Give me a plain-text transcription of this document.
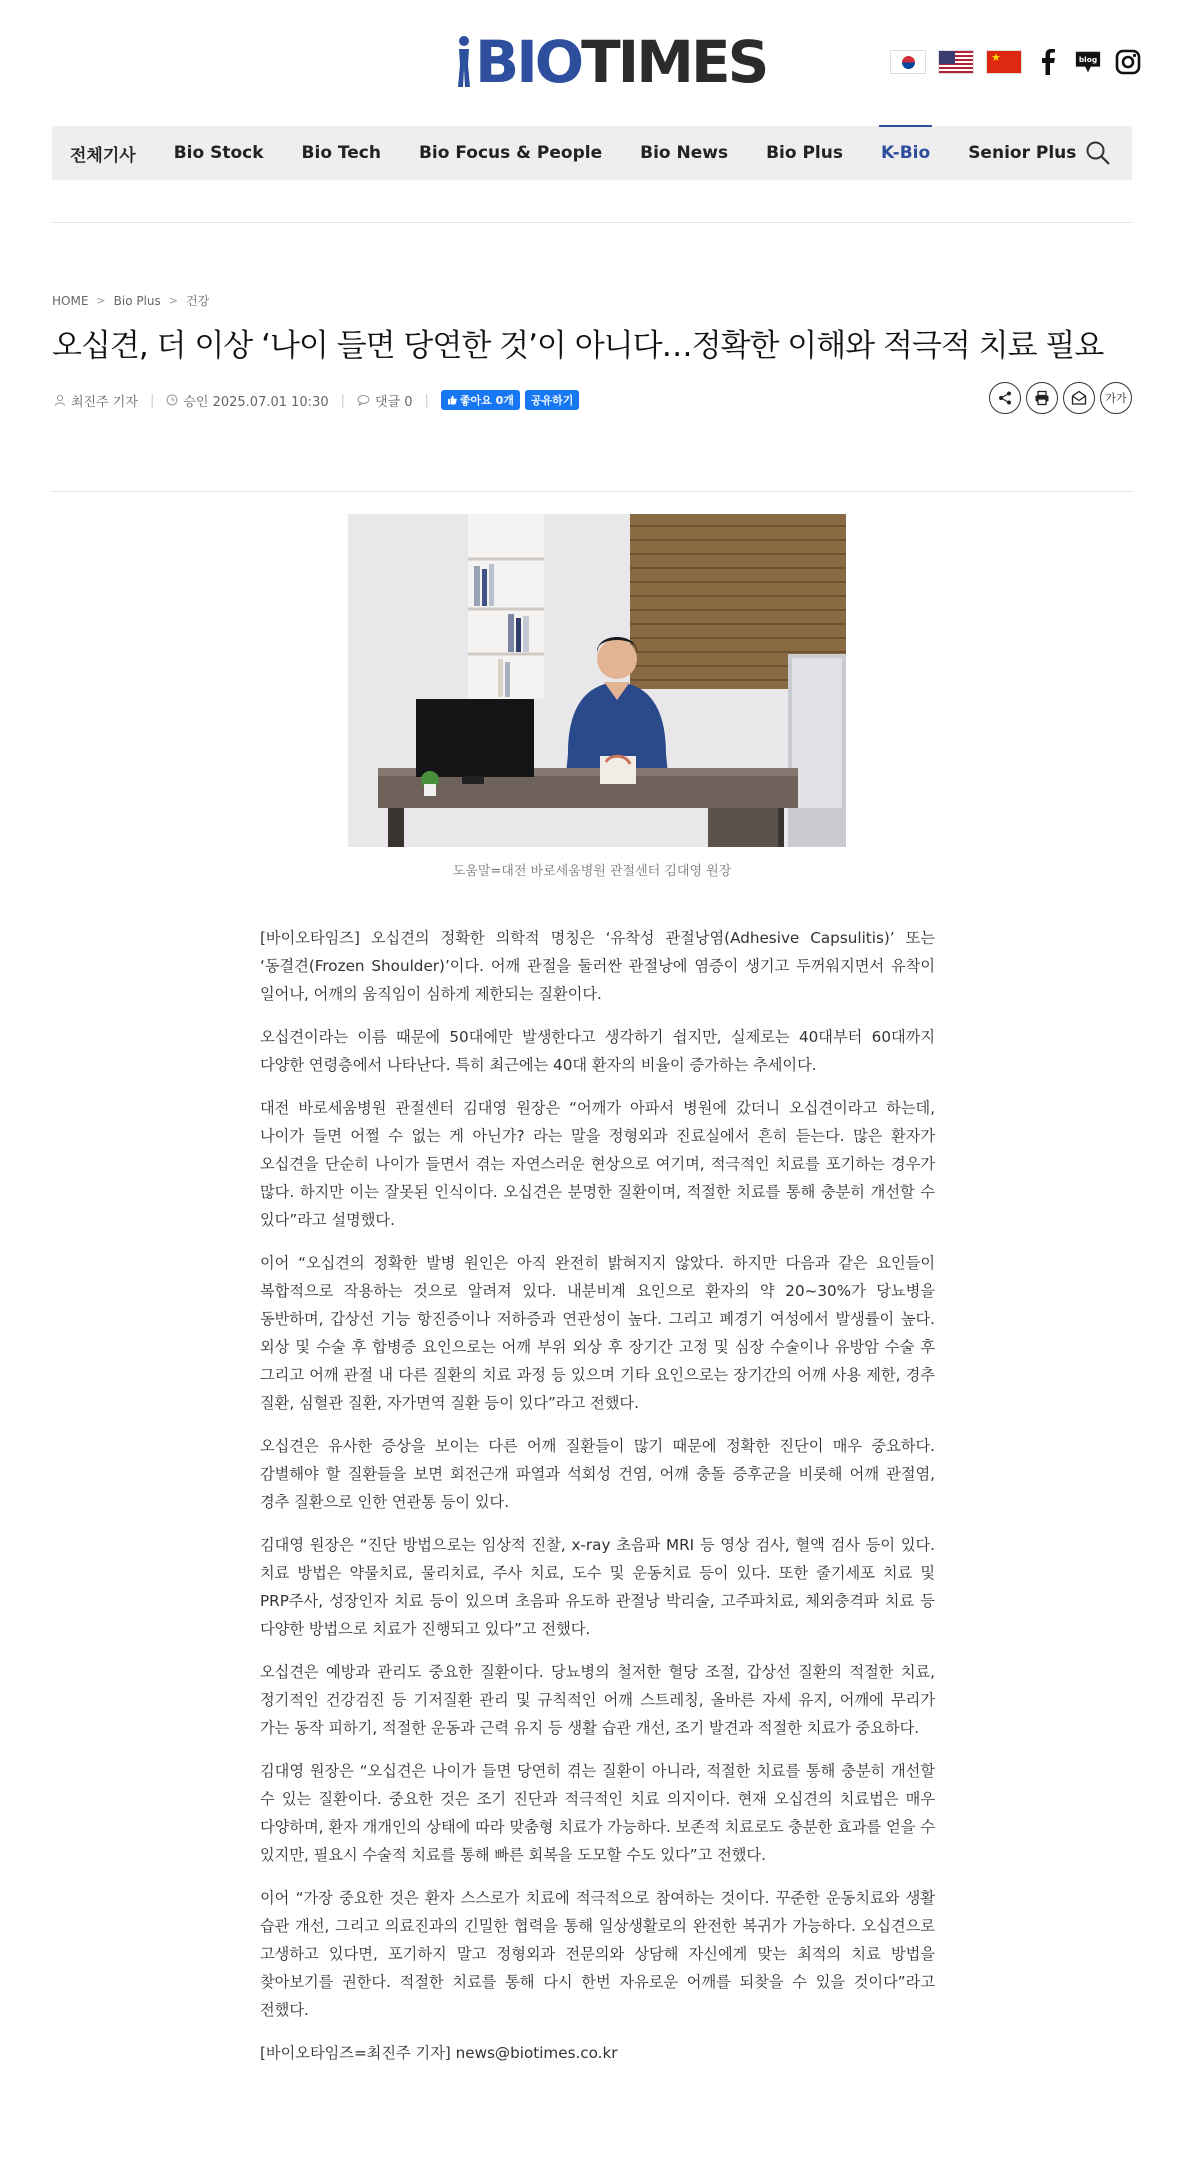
BIO TIMES
★	blog
전체기사 Bio Stock Bio Tech Bio Focus & People Bio News Bio Plus K-Bio Senior Plus
HOME > Bio Plus > 건강
오십견, 더 이상 ‘나이 들면 당연한 것’이 아니다…정확한 이해와 적극적 치료 필요
최진주 기자 | 승인 2025.07.01 10:30 | 댓글 0 |	좋아요 0개	공유하기	가가
도움말=대전 바로세움병원 관절센터 김대영 원장

[바이오타임즈] 오십견의 정확한 의학적 명칭은 ‘유착성 관절낭염(Adhesive Capsulitis)’ 또는 ‘동결견(Frozen Shoulder)’이다. 어깨 관절을 둘러싼 관절낭에 염증이 생기고 두꺼워지면서 유착이 일어나, 어깨의 움직임이 심하게 제한되는 질환이다.

오십견이라는 이름 때문에 50대에만 발생한다고 생각하기 쉽지만, 실제로는 40대부터 60대까지 다양한 연령층에서 나타난다. 특히 최근에는 40대 환자의 비율이 증가하는 추세이다.

대전 바로세움병원 관절센터 김대영 원장은 “어깨가 아파서 병원에 갔더니 오십견이라고 하는데, 나이가 들면 어쩔 수 없는 게 아닌가? 라는 말을 정형외과 진료실에서 흔히 듣는다. 많은 환자가 오십견을 단순히 나이가 들면서 겪는 자연스러운 현상으로 여기며, 적극적인 치료를 포기하는 경우가 많다. 하지만 이는 잘못된 인식이다. 오십견은 분명한 질환이며, 적절한 치료를 통해 충분히 개선할 수 있다”라고 설명했다.

이어 “오십견의 정확한 발병 원인은 아직 완전히 밝혀지지 않았다. 하지만 다음과 같은 요인들이 복합적으로 작용하는 것으로 알려져 있다. 내분비계 요인으로 환자의 약 20~30%가 당뇨병을 동반하며, 갑상선 기능 항진증이나 저하증과 연관성이 높다. 그리고 폐경기 여성에서 발생률이 높다. 외상 및 수술 후 합병증 요인으로는 어깨 부위 외상 후 장기간 고정 및 심장 수술이나 유방암 수술 후 그리고 어깨 관절 내 다른 질환의 치료 과정 등 있으며 기타 요인으로는 장기간의 어깨 사용 제한, 경추 질환, 심혈관 질환, 자가면역 질환 등이 있다”라고 전했다.

오십견은 유사한 증상을 보이는 다른 어깨 질환들이 많기 때문에 정확한 진단이 매우 중요하다. 감별해야 할 질환들을 보면 회전근개 파열과 석회성 건염, 어깨 충돌 증후군을 비롯해 어깨 관절염, 경추 질환으로 인한 연관통 등이 있다.

김대영 원장은 “진단 방법으로는 임상적 진찰, x-ray 초음파 MRI 등 영상 검사, 혈액 검사 등이 있다. 치료 방법은 약물치료, 물리치료, 주사 치료, 도수 및 운동치료 등이 있다. 또한 줄기세포 치료 및 PRP주사, 성장인자 치료 등이 있으며 초음파 유도하 관절낭 박리술, 고주파치료, 체외충격파 치료 등 다양한 방법으로 치료가 진행되고 있다”고 전했다.

오십견은 예방과 관리도 중요한 질환이다. 당뇨병의 철저한 혈당 조절, 갑상선 질환의 적절한 치료, 정기적인 건강검진 등 기저질환 관리 및 규칙적인 어깨 스트레칭, 올바른 자세 유지, 어깨에 무리가 가는 동작 피하기, 적절한 운동과 근력 유지 등 생활 습관 개선, 조기 발견과 적절한 치료가 중요하다.

김대영 원장은 “오십견은 나이가 들면 당연히 겪는 질환이 아니라, 적절한 치료를 통해 충분히 개선할 수 있는 질환이다. 중요한 것은 조기 진단과 적극적인 치료 의지이다. 현재 오십견의 치료법은 매우 다양하며, 환자 개개인의 상태에 따라 맞춤형 치료가 가능하다. 보존적 치료로도 충분한 효과를 얻을 수 있지만, 필요시 수술적 치료를 통해 빠른 회복을 도모할 수도 있다”고 전했다.

이어 “가장 중요한 것은 환자 스스로가 치료에 적극적으로 참여하는 것이다. 꾸준한 운동치료와 생활 습관 개선, 그리고 의료진과의 긴밀한 협력을 통해 일상생활로의 완전한 복귀가 가능하다. 오십견으로 고생하고 있다면, 포기하지 말고 정형외과 전문의와 상담해 자신에게 맞는 최적의 치료 방법을 찾아보기를 권한다. 적절한 치료를 통해 다시 한번 자유로운 어깨를 되찾을 수 있을 것이다”라고 전했다.

[바이오타임즈=최진주 기자] news@biotimes.co.kr
